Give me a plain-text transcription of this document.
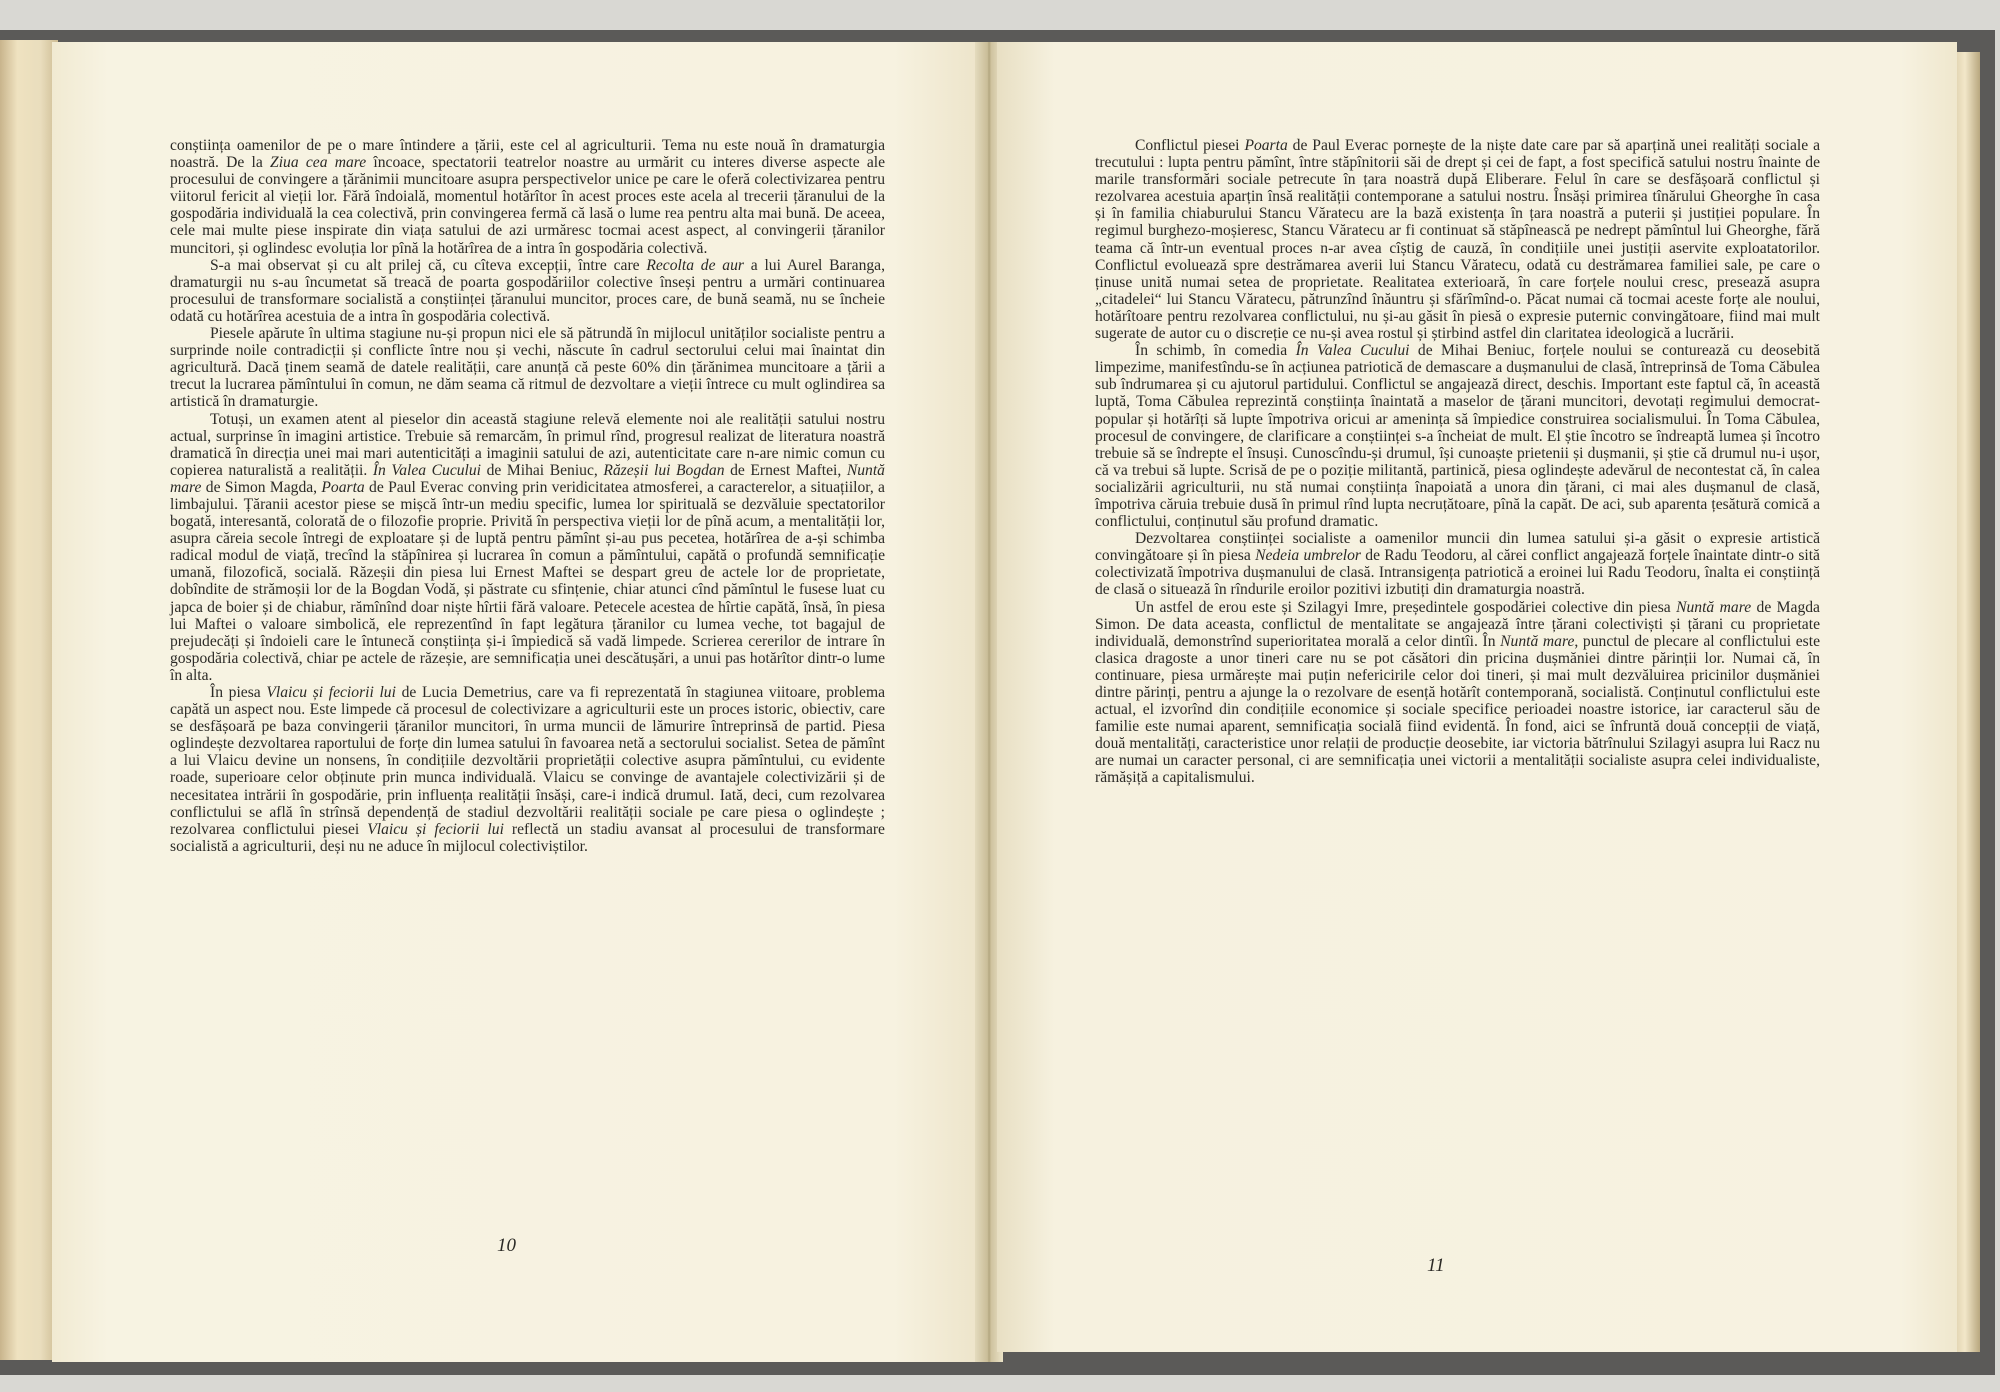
conștiința oamenilor de pe o mare întindere a țării, este cel al agriculturii. Tema nu este nouă în dramaturgia noastră. De la Ziua cea mare încoace, spectatorii teatrelor noastre au urmărit cu interes diverse aspecte ale procesului de convingere a țărănimii muncitoare asupra perspectivelor unice pe care le oferă colectivizarea pentru viitorul fericit al vieții lor. Fără îndoială, momentul hotărîtor în acest proces este acela al trecerii țăranului de la gospodăria individuală la cea colectivă, prin convingerea fermă că lasă o lume rea pentru alta mai bună. De aceea, cele mai multe piese inspirate din viața satului de azi urmăresc tocmai acest aspect, al convingerii țăranilor muncitori, și oglindesc evoluția lor pînă la hotărîrea de a intra în gospodăria colectivă.

S-a mai observat și cu alt prilej că, cu cîteva excepții, între care Recolta de aur a lui Aurel Baranga, dramaturgii nu s-au încumetat să treacă de poarta gospodăriilor colective înseși pentru a urmări continuarea procesului de transformare socialistă a conștiinței țăranului muncitor, proces care, de bună seamă, nu se încheie odată cu hotărîrea acestuia de a intra în gospodăria colectivă.

Piesele apărute în ultima stagiune nu-și propun nici ele să pătrundă în mijlocul unităților socialiste pentru a surprinde noile contradicții și conflicte între nou și vechi, născute în cadrul sectorului celui mai înaintat din agricultură. Dacă ținem seamă de datele realității, care anunță că peste 60% din țărănimea muncitoare a țării a trecut la lucrarea pămîntului în comun, ne dăm seama că ritmul de dezvoltare a vieții întrece cu mult oglindirea sa artistică în dramaturgie.

Totuși, un examen atent al pieselor din această stagiune relevă elemente noi ale realității satului nostru actual, surprinse în imagini artistice. Trebuie să remarcăm, în primul rînd, progresul realizat de literatura noastră dramatică în direcția unei mai mari autenticități a imaginii satului de azi, autenticitate care n-are nimic comun cu copierea naturalistă a realității. În Valea Cucului de Mihai Beniuc, Răzeșii lui Bogdan de Ernest Maftei, Nuntă mare de Simon Magda, Poarta de Paul Everac conving prin veridicitatea atmosferei, a caracterelor, a situațiilor, a limbajului. Țăranii acestor piese se mișcă într-un mediu specific, lumea lor spirituală se dezvăluie spectatorilor bogată, interesantă, colorată de o filozofie proprie. Privită în perspectiva vieții lor de pînă acum, a mentalității lor, asupra căreia secole întregi de exploatare și de luptă pentru pămînt și-au pus pecetea, hotărîrea de a-și schimba radical modul de viață, trecînd la stăpînirea și lucrarea în comun a pămîntului, capătă o profundă semnificație umană, filozofică, socială. Răzeșii din piesa lui Ernest Maftei se despart greu de actele lor de proprietate, dobîndite de strămoșii lor de la Bogdan Vodă, și păstrate cu sfințenie, chiar atunci cînd pămîntul le fusese luat cu japca de boier și de chiabur, rămînînd doar niște hîrtii fără valoare. Petecele acestea de hîrtie capătă, însă, în piesa lui Maftei o valoare simbolică, ele reprezentînd în fapt legătura țăranilor cu lumea veche, tot bagajul de prejudecăți și îndoieli care le întunecă conștiința și-i împiedică să vadă limpede. Scrierea cererilor de intrare în gospodăria colectivă, chiar pe actele de răzeșie, are semnificația unei descătușări, a unui pas hotărîtor dintr-o lume în alta.

În piesa Vlaicu și feciorii lui de Lucia Demetrius, care va fi reprezentată în stagiunea viitoare, problema capătă un aspect nou. Este limpede că procesul de colectivizare a agriculturii este un proces istoric, obiectiv, care se desfășoară pe baza convingerii țăranilor muncitori, în urma muncii de lămurire întreprinsă de partid. Piesa oglindește dezvoltarea raportului de forțe din lumea satului în favoarea netă a sectorului socialist. Setea de pămînt a lui Vlaicu devine un nonsens, în condițiile dezvoltării proprietății colective asupra pămîntului, cu evidente roade, superioare celor obținute prin munca individuală. Vlaicu se convinge de avantajele colectivizării și de necesitatea intrării în gospodărie, prin influența realității însăși, care-i indică drumul. Iată, deci, cum rezolvarea conflictului se află în strînsă dependență de stadiul dezvoltării realității sociale pe care piesa o oglindește ; rezolvarea conflictului piesei Vlaicu și feciorii lui reflectă un stadiu avansat al procesului de transformare socialistă a agriculturii, deși nu ne aduce în mijlocul colectiviștilor.

10

Conflictul piesei Poarta de Paul Everac pornește de la niște date care par să aparțină unei realități sociale a trecutului : lupta pentru pămînt, între stăpînitorii săi de drept și cei de fapt, a fost specifică satului nostru înainte de marile transformări sociale petrecute în țara noastră după Eliberare. Felul în care se desfășoară conflictul și rezolvarea acestuia aparțin însă realității contemporane a satului nostru. Însăși primirea tînărului Gheorghe în casa și în familia chiaburului Stancu Văratecu are la bază existența în țara noastră a puterii și justiției populare. În regimul burghezo-moșieresc, Stancu Văratecu ar fi continuat să stăpînească pe nedrept pămîntul lui Gheorghe, fără teama că într-un eventual proces n-ar avea cîștig de cauză, în condițiile unei justiții aservite exploatatorilor. Conflictul evoluează spre destrămarea averii lui Stancu Văratecu, odată cu destrămarea familiei sale, pe care o ținuse unită numai setea de proprietate. Realitatea exterioară, în care forțele noului cresc, presează asupra „citadelei“ lui Stancu Văratecu, pătrunzînd înăuntru și sfărîmînd-o. Păcat numai că tocmai aceste forțe ale noului, hotărîtoare pentru rezolvarea conflictului, nu și-au găsit în piesă o expresie puternic convingătoare, fiind mai mult sugerate de autor cu o discreție ce nu-și avea rostul și știrbind astfel din claritatea ideologică a lucrării.

În schimb, în comedia În Valea Cucului de Mihai Beniuc, forțele noului se conturează cu deosebită limpezime, manifestîndu-se în acțiunea patriotică de demascare a dușmanului de clasă, întreprinsă de Toma Căbulea sub îndrumarea și cu ajutorul partidului. Conflictul se angajează direct, deschis. Important este faptul că, în această luptă, Toma Căbulea reprezintă conștiința înaintată a maselor de țărani muncitori, devotați regimului democrat-popular și hotărîți să lupte împotriva oricui ar amenința să împiedice construirea socialismului. În Toma Căbulea, procesul de convingere, de clarificare a conștiinței s-a încheiat de mult. El știe încotro se îndreaptă lumea și încotro trebuie să se îndrepte el însuși. Cunoscîndu-și drumul, își cunoaște prietenii și dușmanii, și știe că drumul nu-i ușor, că va trebui să lupte. Scrisă de pe o poziție militantă, partinică, piesa oglindește adevărul de necontestat că, în calea socializării agriculturii, nu stă numai conștiința înapoiată a unora din țărani, ci mai ales dușmanul de clasă, împotriva căruia trebuie dusă în primul rînd lupta necruțătoare, pînă la capăt. De aci, sub aparenta țesătură comică a conflictului, conținutul său profund dramatic.

Dezvoltarea conștiinței socialiste a oamenilor muncii din lumea satului și-a găsit o expresie artistică convingătoare și în piesa Nedeia umbrelor de Radu Teodoru, al cărei conflict angajează forțele înaintate dintr-o sită colectivizată împotriva dușmanului de clasă. Intransigența patriotică a eroinei lui Radu Teodoru, înalta ei conștiință de clasă o situează în rîndurile eroilor pozitivi izbutiți din dramaturgia noastră.

Un astfel de erou este și Szilagyi Imre, președintele gospodăriei colective din piesa Nuntă mare de Magda Simon. De data aceasta, conflictul de mentalitate se angajează între țărani colectiviști și țărani cu proprietate individuală, demonstrînd superioritatea morală a celor dintîi. În Nuntă mare, punctul de plecare al conflictului este clasica dragoste a unor tineri care nu se pot căsători din pricina dușmăniei dintre părinții lor. Numai că, în continuare, piesa urmărește mai puțin nefericirile celor doi tineri, și mai mult dezvăluirea pricinilor dușmăniei dintre părinți, pentru a ajunge la o rezolvare de esență hotărît contemporană, socialistă. Conținutul conflictului este actual, el izvorînd din condițiile economice și sociale specifice perioadei noastre istorice, iar caracterul său de familie este numai aparent, semnificația socială fiind evidentă. În fond, aici se înfruntă două concepții de viață, două mentalități, caracteristice unor relații de producție deosebite, iar victoria bătrînului Szilagyi asupra lui Racz nu are numai un caracter personal, ci are semnificația unei victorii a mentalității socialiste asupra celei individualiste, rămășiță a capitalismului.

11
